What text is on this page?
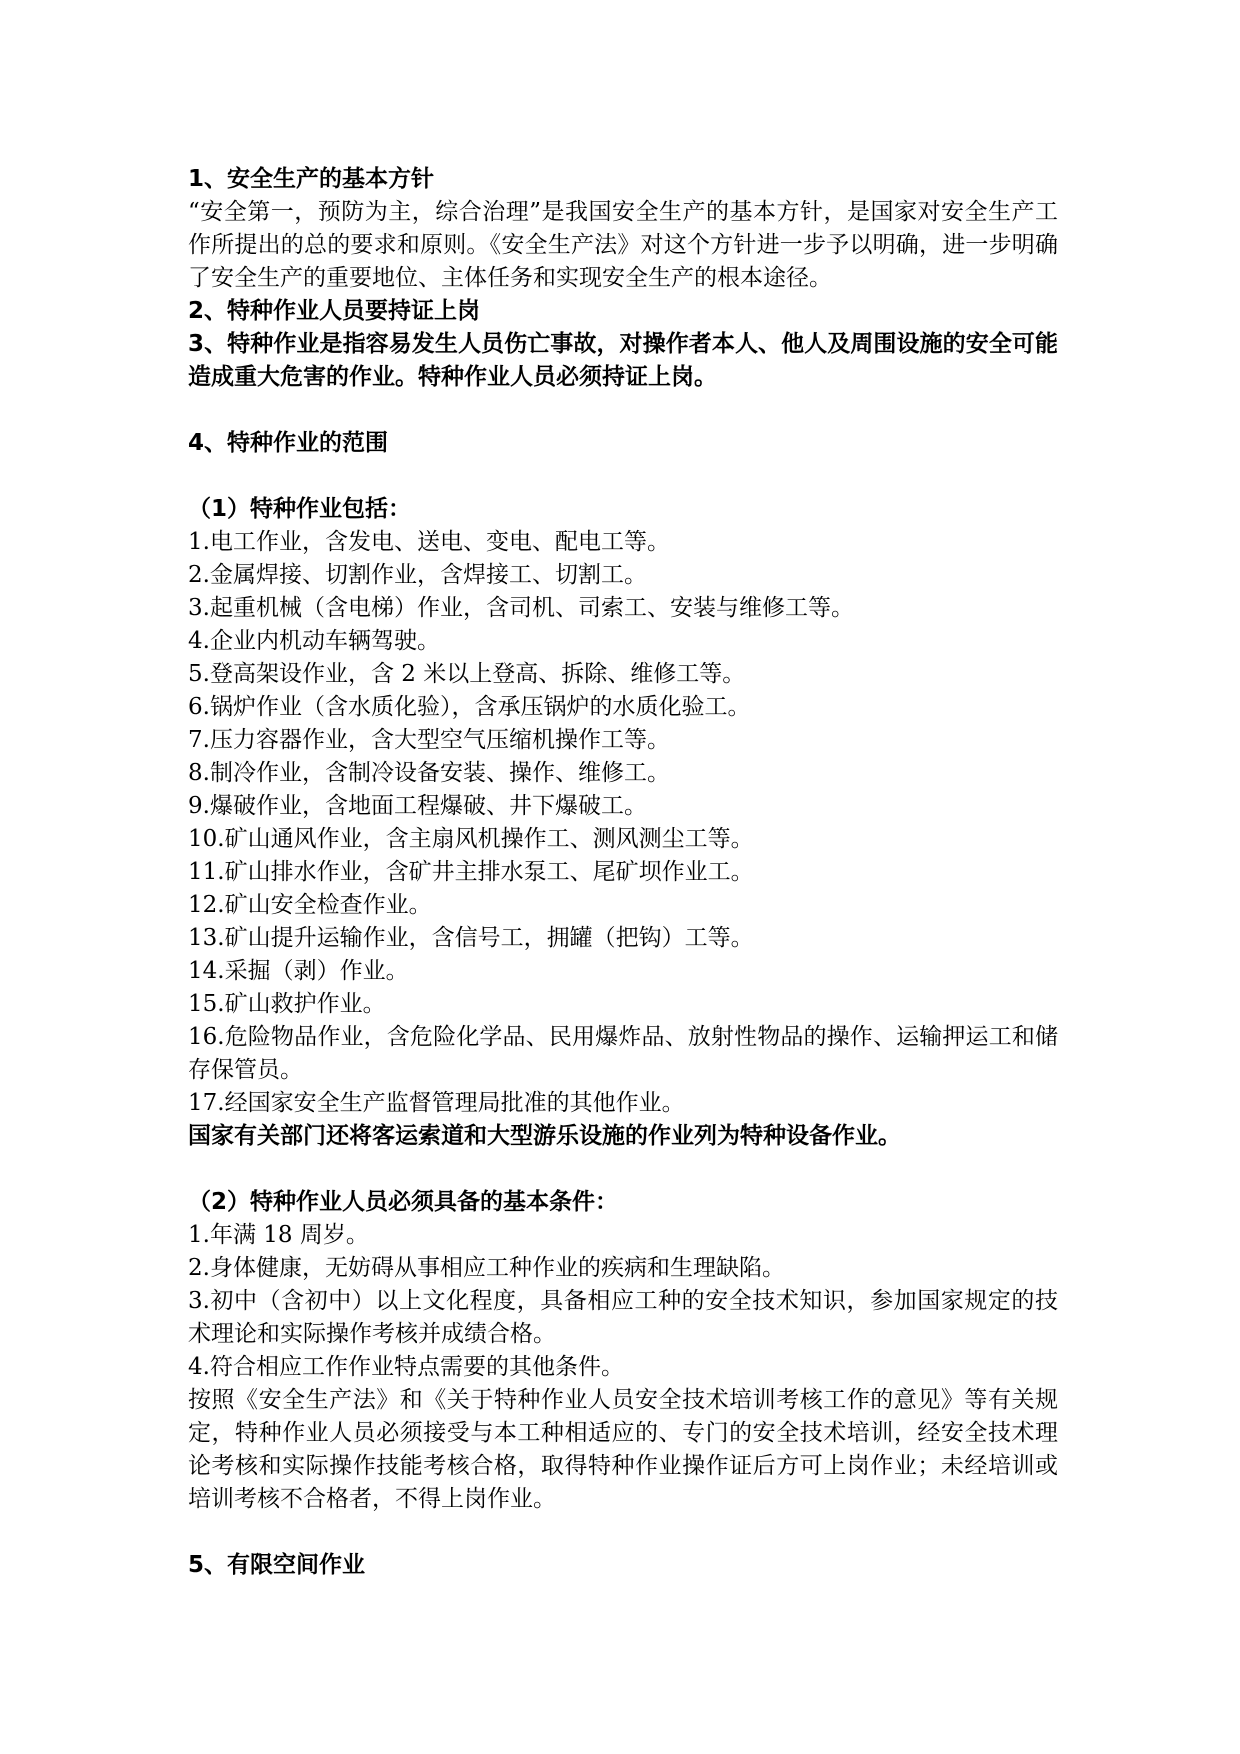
1、安全生产的基本方针

“安全第一，预防为主，综合治理”是我国安全生产的基本方针，是国家对安全生产工作所提出的总的要求和原则。《安全生产法》对这个方针进一步予以明确，进一步明确了安全生产的重要地位、主体任务和实现安全生产的根本途径。

2、特种作业人员要持证上岗

3、特种作业是指容易发生人员伤亡事故，对操作者本人、他人及周围设施的安全可能造成重大危害的作业。特种作业人员必须持证上岗。

4、特种作业的范围

（1）特种作业包括：

1.电工作业，含发电、送电、变电、配电工等。

2.金属焊接、切割作业，含焊接工、切割工。

3.起重机械（含电梯）作业，含司机、司索工、安装与维修工等。

4.企业内机动车辆驾驶。

5.登高架设作业，含 2 米以上登高、拆除、维修工等。

6.锅炉作业（含水质化验），含承压锅炉的水质化验工。

7.压力容器作业，含大型空气压缩机操作工等。

8.制冷作业，含制冷设备安装、操作、维修工。

9.爆破作业，含地面工程爆破、井下爆破工。

10.矿山通风作业，含主扇风机操作工、测风测尘工等。

11.矿山排水作业，含矿井主排水泵工、尾矿坝作业工。

12.矿山安全检查作业。

13.矿山提升运输作业，含信号工，拥罐（把钩）工等。

14.采掘（剥）作业。

15.矿山救护作业。

16.危险物品作业，含危险化学品、民用爆炸品、放射性物品的操作、运输押运工和储存保管员。

17.经国家安全生产监督管理局批准的其他作业。

国家有关部门还将客运索道和大型游乐设施的作业列为特种设备作业。

（2）特种作业人员必须具备的基本条件：

1.年满 18 周岁。

2.身体健康，无妨碍从事相应工种作业的疾病和生理缺陷。

3.初中（含初中）以上文化程度，具备相应工种的安全技术知识，参加国家规定的技术理论和实际操作考核并成绩合格。

4.符合相应工作作业特点需要的其他条件。

按照《安全生产法》和《关于特种作业人员安全技术培训考核工作的意见》等有关规定，特种作业人员必须接受与本工种相适应的、专门的安全技术培训，经安全技术理论考核和实际操作技能考核合格，取得特种作业操作证后方可上岗作业；未经培训或培训考核不合格者，不得上岗作业。

5、有限空间作业
